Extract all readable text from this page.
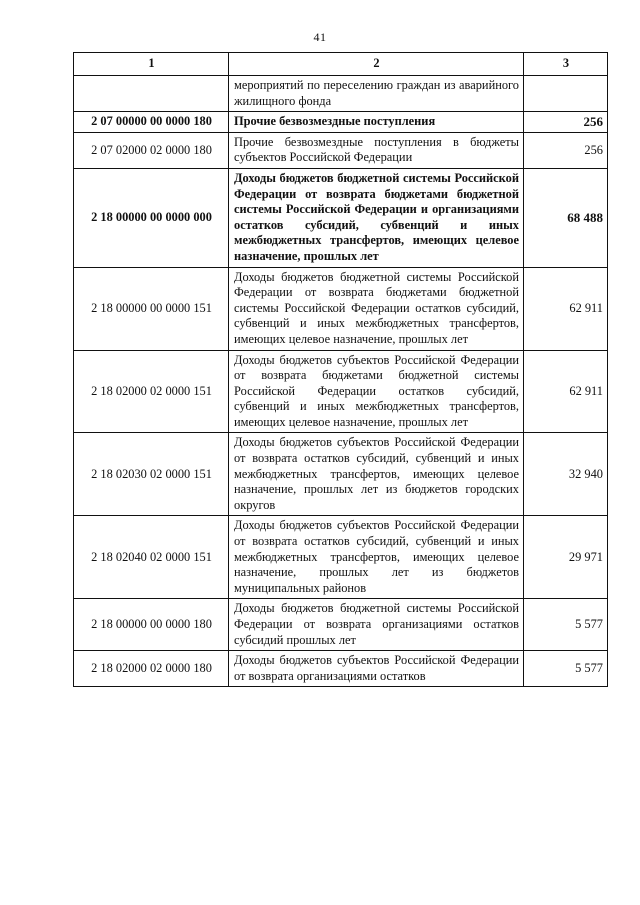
41
1	2	3
	мероприятий по переселению граждан из аварийного жилищного фонда	
2 07 00000 00 0000 180	Прочие безвозмездные поступления	256
2 07 02000 02 0000 180	Прочие безвозмездные поступления в бюджеты субъектов Российской Федерации	256
2 18 00000 00 0000 000	Доходы бюджетов бюджетной системы Российской Федерации от возврата бюджетами бюджетной системы Российской Федерации и организациями остатков субсидий, субвенций и иных межбюджетных трансфертов, имеющих целевое назначение, прошлых лет	68 488
2 18 00000 00 0000 151	Доходы бюджетов бюджетной системы Российской Федерации от возврата бюджетами бюджетной системы Российской Федерации остатков субсидий, субвенций и иных межбюджетных трансфертов, имеющих целевое назначение, прошлых лет	62 911
2 18 02000 02 0000 151	Доходы бюджетов субъектов Российской Федерации от возврата бюджетами бюджетной системы Российской Федерации остатков субсидий, субвенций и иных межбюджетных трансфертов, имеющих целевое назначение, прошлых лет	62 911
2 18 02030 02 0000 151	Доходы бюджетов субъектов Российской Федерации от возврата остатков субсидий, субвенций и иных межбюджетных трансфертов, имеющих целевое назначение, прошлых лет из бюджетов городских округов	32 940
2 18 02040 02 0000 151	Доходы бюджетов субъектов Российской Федерации от возврата остатков субсидий, субвенций и иных межбюджетных трансфертов, имеющих целевое назначение, прошлых лет из бюджетов муниципальных районов	29 971
2 18 00000 00 0000 180	Доходы бюджетов бюджетной системы Российской Федерации от возврата организациями остатков субсидий прошлых лет	5 577
2 18 02000 02 0000 180	Доходы бюджетов субъектов Российской Федерации от возврата организациями остатков	5 577
